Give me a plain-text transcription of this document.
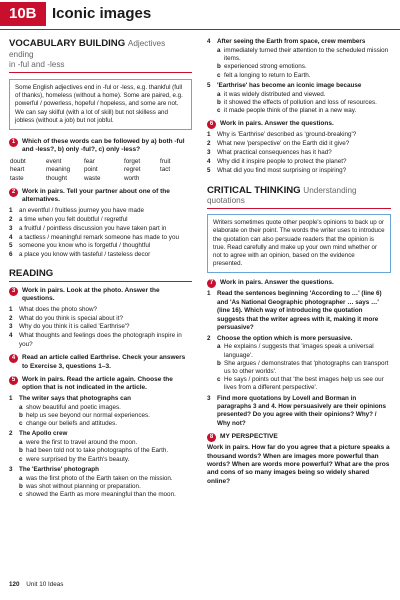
10B	Iconic images
VOCABULARY BUILDING Adjectives ending
in -ful and -less
Some English adjectives end in -ful or -less, e.g. thankful (full of thanks), homeless (without a home). Some are paired, e.g. powerful / powerless, hopeful / hopeless, and some are not. We can say skilful (with a lot of skill) but not skilless and jobless (without a job) but not jobful.
1	Which of these words can be followed by a) both -ful and -less?, b) only -ful?, c) only -less?
doubt	event	fear	forget	fruit
heart	meaning	point	regret	tact
taste	thought	waste	worth
2	Work in pairs. Tell your partner about one of the alternatives.
1	an eventful / fruitless journey you have made
2	a time when you felt doubtful / regretful
3	a fruitful / pointless discussion you have taken part in
4	a tactless / meaningful remark someone has made to you
5	someone you know who is forgetful / thoughtful
6	a place you know with tasteful / tasteless decor
READING
3	Work in pairs. Look at the photo. Answer the questions.
1	What does the photo show?
2	What do you think is special about it?
3	Why do you think it is called 'Earthrise'?
4	What thoughts and feelings does the photograph inspire in you?
4	Read an article called Earthrise. Check your answers to Exercise 3, questions 1–3.
5	Work in pairs. Read the article again. Choose the option that is not indicated in the article.
1	The writer says that photographs can
a show beautiful and poetic images.
b help us see beyond our normal experiences.
c change our beliefs and attitudes.
2	The Apollo crew
a were the first to travel around the moon.
b had been told not to take photographs of the Earth.
c were surprised by the Earth's beauty.
3	The 'Earthrise' photograph
a was the first photo of the Earth taken on the mission.
b was shot without planning or preparation.
c showed the Earth as more meaningful than the moon.
4	After seeing the Earth from space, crew members
a immediately turned their attention to the scheduled mission items.
b experienced strong emotions.
c felt a longing to return to Earth.
5	'Earthrise' has become an iconic image because
a it was widely distributed and viewed.
b it showed the effects of pollution and loss of resources.
c it made people think of the planet in a new way.
6	Work in pairs. Answer the questions.
1	Why is 'Earthrise' described as 'ground-breaking'?
2	What new 'perspective' on the Earth did it give?
3	What practical consequences has it had?
4	Why did it inspire people to protect the planet?
5	What did you find most surprising or inspiring?
CRITICAL THINKING Understanding
quotations
Writers sometimes quote other people's opinions to back up or elaborate on their point. The words the writer uses to introduce the quotation can also persuade readers that the opinion is true. Read carefully and make up your own mind whether or not to agree with an opinion, based on the evidence presented.
7	Work in pairs. Answer the questions.
1	Read the sentences beginning 'According to …' (line 6) and 'As National Geographic photographer … says …' (line 16). Which way of introducing the quotation suggests that the writer agrees with it, making it more persuasive?
2	Choose the option which is more persuasive.
a He explains / suggests that 'images speak a universal language'.
b She argues / demonstrates that 'photographs can transport us to other worlds'.
c He says / points out that 'the best images help us see our lives from a different perspective'.
3	Find more quotations by Lovell and Borman in paragraphs 3 and 4. How persuasively are their opinions presented? Do you agree with their opinions? Why? / Why not?
8	MY PERSPECTIVE
Work in pairs. How far do you agree that a picture speaks a thousand words? When are images more powerful than words? When are words more powerful? What are the pros and cons of so many images being so widely shared online?
120 Unit 10 Ideas
